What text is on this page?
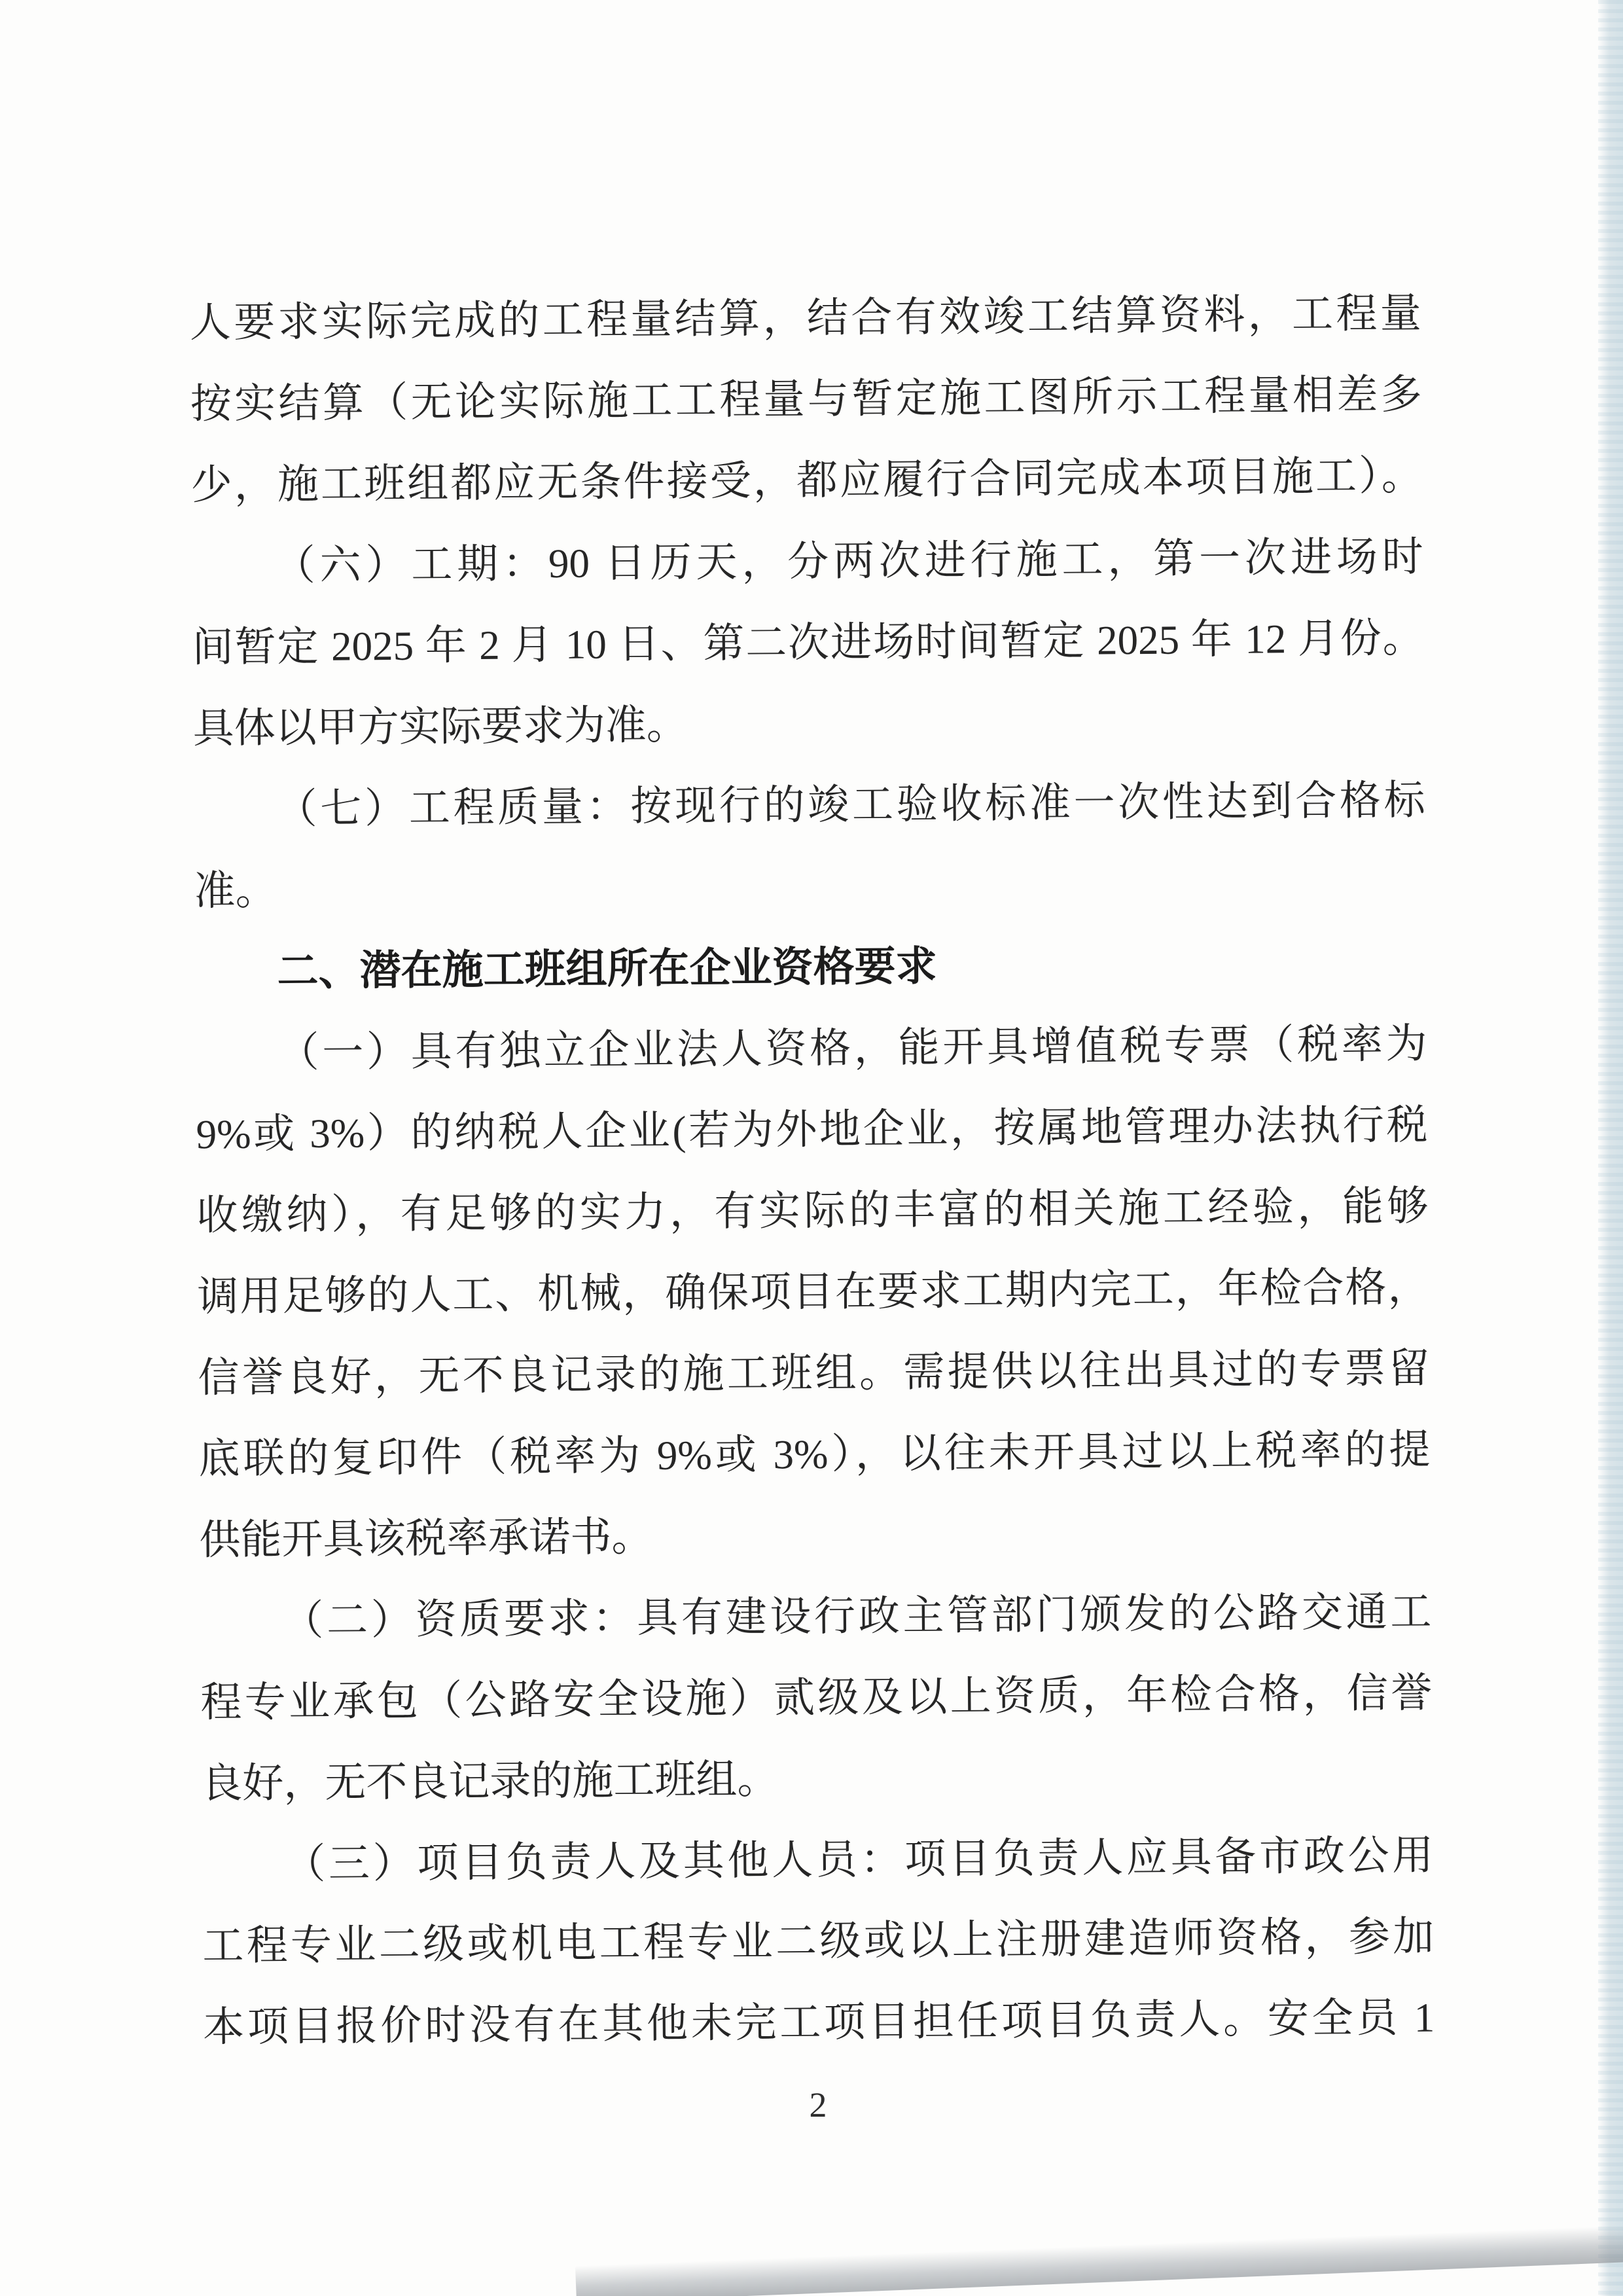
人要求实际完成的工程量结算，结合有效竣工结算资料，工程量
按实结算（无论实际施工工程量与暂定施工图所示工程量相差多
少，施工班组都应无条件接受，都应履行合同完成本项目施工）。
（六）工期：90 日历天，分两次进行施工，第一次进场时
间暂定 2025 年 2 月 10 日、第二次进场时间暂定 2025 年 12 月份。
具体以甲方实际要求为准。
（七）工程质量：按现行的竣工验收标准一次性达到合格标
准。
二、潜在施工班组所在企业资格要求
（一）具有独立企业法人资格，能开具增值税专票（税率为
9%或 3%）的纳税人企业(若为外地企业，按属地管理办法执行税
收缴纳），有足够的实力，有实际的丰富的相关施工经验，能够
调用足够的人工、机械，确保项目在要求工期内完工，年检合格，
信誉良好，无不良记录的施工班组。需提供以往出具过的专票留
底联的复印件（税率为 9%或 3%），以往未开具过以上税率的提
供能开具该税率承诺书。
（二）资质要求：具有建设行政主管部门颁发的公路交通工
程专业承包（公路安全设施）贰级及以上资质，年检合格，信誉
良好，无不良记录的施工班组。
（三）项目负责人及其他人员：项目负责人应具备市政公用
工程专业二级或机电工程专业二级或以上注册建造师资格，参加
本项目报价时没有在其他未完工项目担任项目负责人。安全员 1
2
